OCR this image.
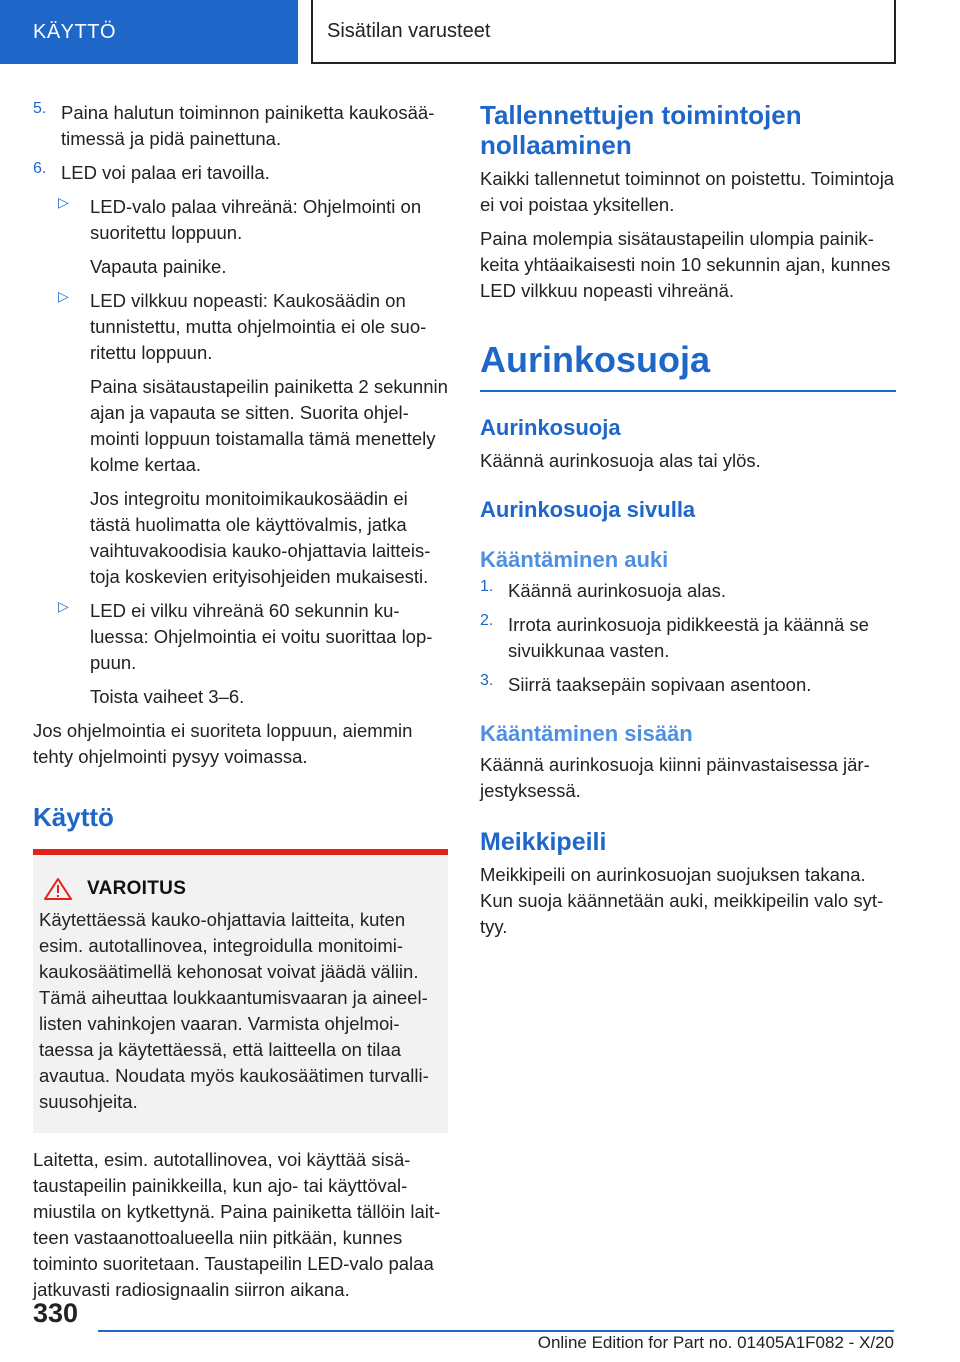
KÄYTTÖ	Sisätilan varusteet
5. Paina halutun toiminnon painiketta kaukosäätimessä ja pidä painettuna.

6. LED voi palaa eri tavoilla.

▷ LED-valo palaa vihreänä: Ohjelmointi on suoritettu loppuun.

Vapauta painike.

▷ LED vilkkuu nopeasti: Kaukosäädin on tunnistettu, mutta ohjelmointia ei ole suoritettu loppuun.

Paina sisätaustapeilin painiketta 2 sekunnin ajan ja vapauta se sitten. Suorita ohjelmointi loppuun toistamalla tämä menettely kolme kertaa.

Jos integroitu monitoimikaukosäädin ei tästä huolimatta ole käyttövalmis, jatka vaihtuvakoodisia kauko-ohjattavia laitteistoja koskevien erityisohjeiden mukaisesti.

▷ LED ei vilku vihreänä 60 sekunnin kuluessa: Ohjelmointia ei voitu suorittaa loppuun.

Toista vaiheet 3–6.

Jos ohjelmointia ei suoriteta loppuun, aiemmin tehty ohjelmointi pysyy voimassa.

Käyttö
VAROITUS

Käytettäessä kauko-ohjattavia laitteita, kuten esim. autotallinovea, integroidulla monitoimikaukosäätimellä kehonosat voivat jäädä väliin. Tämä aiheuttaa loukkaantumisvaaran ja aineellisten vahinkojen vaaran. Varmista ohjelmoitaessa ja käytettäessä, että laitteella on tilaa avautua. Noudata myös kaukosäätimen turvallisuusohjeita.

Laitetta, esim. autotallinovea, voi käyttää sisätaustapeilin painikkeilla, kun ajo- tai käyttövalmiustila on kytkettynä. Paina painiketta tällöin laitteen vastaanottoalueella niin pitkään, kunnes toiminto suoritetaan. Taustapeilin LED-valo palaa jatkuvasti radiosignaalin siirron aikana.

Tallennettujen toimintojen nollaaminen

Kaikki tallennetut toiminnot on poistettu. Toimintoja ei voi poistaa yksitellen.

Paina molempia sisätaustapeilin ulompia painikkeita yhtäaikaisesti noin 10 sekunnin ajan, kunnes LED vilkkuu nopeasti vihreänä.

Aurinkosuoja
Aurinkosuoja

Käännä aurinkosuoja alas tai ylös.

Aurinkosuoja sivulla
Kääntäminen auki
1. Käännä aurinkosuoja alas.

2. Irrota aurinkosuoja pidikkeestä ja käännä se sivuikkunaa vasten.

3. Siirrä taaksepäin sopivaan asentoon.

Kääntäminen sisään

Käännä aurinkosuoja kiinni päinvastaisessa järjestyksessä.

Meikkipeili

Meikkipeili on aurinkosuojan suojuksen takana. Kun suoja käännetään auki, meikkipeilin valo syttyy.

330
Online Edition for Part no. 01405A1F082 - X/20
